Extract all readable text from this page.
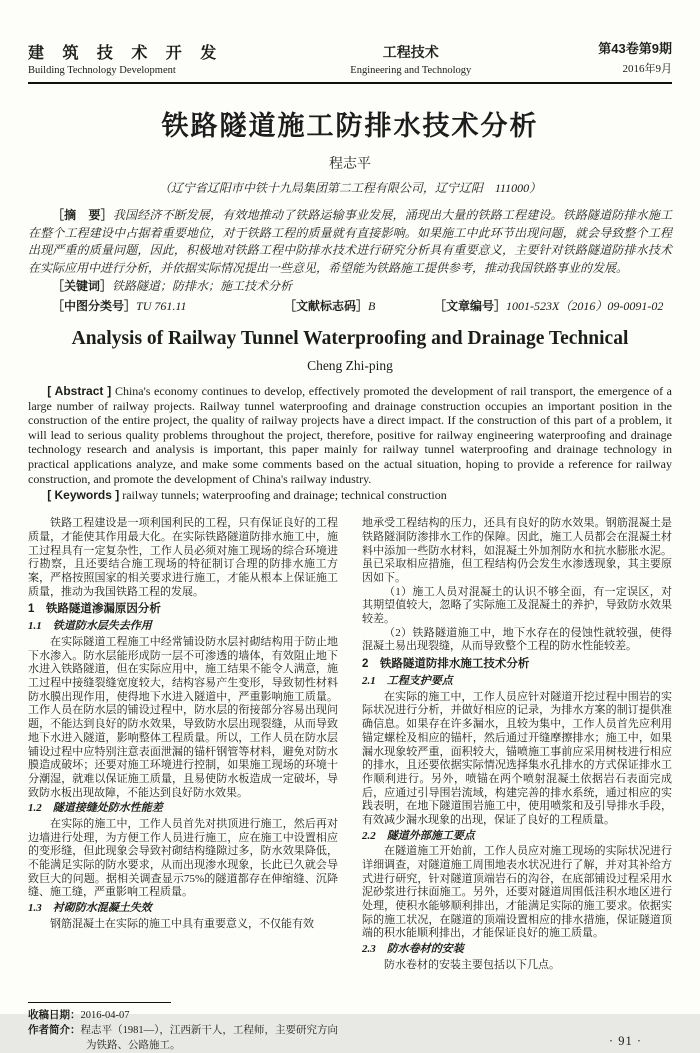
建 筑 技 术 开 发
Building Technology Development
工程技术
Engineering and Technology
第43卷第9期
2016年9月
铁路隧道施工防排水技术分析
程志平
（辽宁省辽阳市中铁十九局集团第二工程有限公司，辽宁辽阳　111000）
［摘　要］我国经济不断发展，有效地推动了铁路运输事业发展，涌现出大量的铁路工程建设。铁路隧道防排水施工在整个工程建设中占据着重要地位，对于铁路工程的质量就有直接影响。如果施工中此环节出现问题，就会导致整个工程出现严重的质量问题，因此，积极地对铁路工程中防排水技术进行研究分析具有重要意义，主要针对铁路隧道防排水技术在实际应用中进行分析，并依据实际情况提出一些意见，希望能为铁路施工提供参考，推动我国铁路事业的发展。
［关键词］铁路隧道；防排水；施工技术分析
［中图分类号］TU 761.11	［文献标志码］B	［文章编号］1001-523X（2016）09-0091-02
Analysis of Railway Tunnel Waterproofing and Drainage Technical
Cheng Zhi-ping
[ Abstract ] China's economy continues to develop, effectively promoted the development of rail transport, the emergence of a large number of railway projects. Railway tunnel waterproofing and drainage construction occupies an important position in the construction of the entire project, the quality of railway projects have a direct impact. If the construction of this part of a problem, it will lead to serious quality problems throughout the project, therefore, positive for railway engineering waterproofing and drainage technology research and analysis is important, this paper mainly for railway tunnel waterproofing and drainage technology in practical applications analyze, and make some comments based on the actual situation, hoping to provide a reference for railway construction, and promote the development of China's railway industry.
[ Keywords ] railway tunnels; waterproofing and drainage; technical construction
铁路工程建设是一项利国利民的工程，只有保证良好的工程质量，才能使其作用最大化。在实际铁路隧道防排水施工中，施工过程具有一定复杂性，工作人员必须对施工现场的综合环境进行勘察，且还要结合施工现场的特征制订合理的防排水施工方案，严格按照国家的相关要求进行施工，才能从根本上保证施工质量，推动为我国铁路工程的发展。
1　铁路隧道渗漏原因分析
1.1　铁道防水层失去作用
在实际隧道工程施工中经常铺设防水层衬砌结构用于防止地下水渗入。防水层能形成防一层不可渗透的墙体，有效阻止地下水进入铁路隧道，但在实际应用中，施工结果不能令人满意，施工过程中接缝裂缝宽度较大，结构容易产生变形，导致韧性材料防水膜出现作用，使得地下水进入隧道中，严重影响施工质量。工作人员在防水层的铺设过程中，防水层的衔接部分容易出现问题，不能达到良好的防水效果，导致防水层出现裂缝，从而导致地下水进入隧道，影响整体工程质量。所以，工作人员在防水层铺设过程中应特别注意表面泄漏的锚杆钢管等材料，避免对防水膜造成破坏；还要对施工环境进行控制，如果施工现场的环境十分潮湿，就难以保证施工质量，且易使防水板造成一定破坏，导致防水板出现故障，不能达到良好防水效果。
1.2　隧道接缝处防水性能差
在实际的施工中，工作人员首先对拱顶进行施工，然后再对边墙进行处理，为方便工作人员进行施工，应在施工中设置相应的变形缝，但此现象会导致衬砌结构缝隙过多，防水效果降低，不能满足实际的防水要求，从而出现渗水现象，长此已久就会导致巨大的问题。据相关调查显示75%的隧道都存在伸缩缝、沉降缝、施工缝，严重影响工程质量。
1.3　衬砌防水混凝土失效
钢筋混凝土在实际的施工中具有重要意义，不仅能有效
收稿日期：2016-04-07
作者简介：程志平（1981—），江西新干人，工程师，主要研究方向为铁路、公路施工。
地承受工程结构的压力，还具有良好的防水效果。钢筋混凝土是铁路隧洞防渗排水工作的保障。因此，施工人员都会在混凝土材料中添加一些防水材料，如混凝土外加剂防水和抗水膨胀水泥。虽已采取相应措施，但工程结构仍会发生水渗透现象，其主要原因如下。
（1）施工人员对混凝土的认识不够全面，有一定误区，对其期望值较大，忽略了实际施工及混凝土的养护，导致防水效果较差。
（2）铁路隧道施工中，地下水存在的侵蚀性就较强，使得混凝土易出现裂缝，从而导致整个工程的防水性能较差。
2　铁路隧道防排水施工技术分析
2.1　工程支护要点
在实际的施工中，工作人员应针对隧道开挖过程中围岩的实际状况进行分析，并做好相应的记录，为排水方案的制订提供准确信息。如果存在许多漏水，且较为集中，工作人员首先应利用锚定螺栓及相应的锚杆，然后通过开缝摩擦排水；施工中，如果漏水现象较严重，面积较大，锚喷施工事前应采用树枝进行相应的排水，且还要依据实际情况选择集水孔排水的方式保证排水工作顺利进行。另外，喷锚在两个喷射混凝土依据岩石表面完成后，应通过引导围岩流域，构建完善的排水系统，通过相应的实践表明，在地下隧道围岩施工中，使用喷浆和及引导排水手段，有效减少漏水现象的出现，保证了良好的工程质量。
2.2　隧道外部施工要点
在隧道施工开始前，工作人员应对施工现场的实际状况进行详细调查，对隧道施工周围地表水状况进行了解，并对其补给方式进行研究，针对隧道顶端岩石的沟谷，在底部铺设过程采用水泥砂浆进行抹面施工。另外，还要对隧道周围低洼积水地区进行处理，使积水能够顺利排出，才能满足实际的施工要求。依据实际的施工状况，在隧道的顶端设置相应的排水措施，保证隧道顶端的积水能顺利排出，才能保证良好的施工质量。
2.3　防水卷材的安装
防水卷材的安装主要包括以下几点。
· 91 ·
